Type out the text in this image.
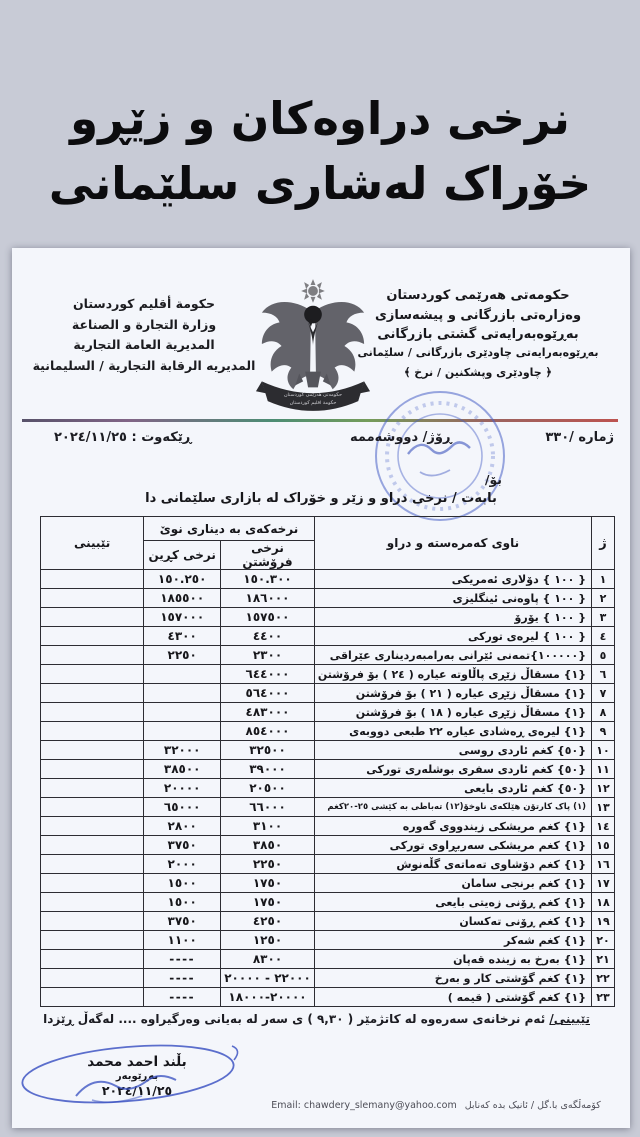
نرخی دراوەکان و زێڕو
خۆراک لەشاری سلێمانی
حكومة أقليم كوردستان
وزارة التجارة و الصناعة
المديرية العامة التجارية
المديريه الرقابة التجارية / السليمانية
حکومەتی هەرێمی کوردستان
وەزارەتی بازرگانی و پیشەسازی
بەڕێوەبەرایەتی گشتی بازرگانی
بەڕێوەبەرایەتی چاودێری بازرگانی / سلێمانی
﴿ چاودێری وپشکنین / نرخ ﴾
حكومەتی هەرێمی كوردستان
حكومة اقليم كوردستان
ژمارە /٣٣٠
ڕۆژ/ دووشەممە
ڕێکەوت : ٢٠٢٤/١١/٢٥
بۆ/
بابەت / نرخی دراو و زێر و خۆراک لە بازاری سلێمانی دا
ژ	ناوی کەمرەستە و دراو	نرخەکەی بە دیناری نوێ		تێبینی
		نرخی فرۆشتن	نرخی کڕین	
١	{ ١٠٠ } دۆلاری ئەمریکی	١٥٠.٣٠٠	١٥٠.٢٥٠	
٢	{ ١٠٠ } پاوەنی ئینگلیزی	١٨٦٠٠٠	١٨٥٥٠٠	
٣	{ ١٠٠ } یۆرۆ	١٥٧٥٠٠	١٥٧٠٠٠	
٤	{ ١٠٠ } لیرەی تورکی	٤٤٠٠	٤٣٠٠	
٥	{١٠٠٠٠٠}تمەنی ئێرانی بەرامبەردیناری عێراقی	٢٣٠٠	٢٢٥٠	
٦	{١} مسقاڵ زێڕی پاڵاوتە عیارە ( ٢٤ ) بۆ فرۆشتن	٦٤٤٠٠٠		
٧	{١} مسقاڵ زێڕی عیارە ( ٢١ ) بۆ فرۆشتن	٥٦٤٠٠٠		
٨	{١} مسقاڵ زێڕی عیارە ( ١٨ ) بۆ فرۆشتن	٤٨٣٠٠٠		
٩	{١} لیرەی ڕەشادی عیارە ٢٢ طبعی دووبەی	٨٥٤٠٠٠		
١٠	{٥٠} کغم ئاردی روسی	٣٢٥٠٠	٣٢٠٠٠	
١١	{٥٠} کغم ئاردی سفری بوشلەری تورکی	٣٩٠٠٠	٣٨٥٠٠	
١٢	{٥٠} کغم ئاردی بایعی	٢٠٥٠٠	٢٠٠٠٠	
١٣	(١) پاک کارتۆن هێلکەی ناوخۆ(١٢) تەباطی بە کێشی ٢٥-٢٠کغم	٦٦٠٠٠	٦٥٠٠٠	
١٤	{١} کغم مریشکی زیندووی گەورە	٣١٠٠	٢٨٠٠	
١٥	{١} کغم مریشکی سەربڕاوی تورکی	٣٨٥٠	٣٧٥٠	
١٦	{١} کغم دۆشاوی تەماتەی گڵەنوش	٢٢٥٠	٢٠٠٠	
١٧	{١} کغم برنجی سامان	١٧٥٠	١٥٠٠	
١٨	{١} کغم ڕۆنی زەیتی بایعی	١٧٥٠	١٥٠٠	
١٩	{١} کغم ڕۆنی تەکسان	٤٢٥٠	٣٧٥٠	
٢٠	{١} کغم شەکر	١٢٥٠	١١٠٠	
٢١	{١} بەرخ بە زیندە قەپان	٨٣٠٠	----	
٢٢	{١} کغم گۆشتی کار و بەرخ	٢٢٠٠٠ - ٢٠٠٠٠	----	
٢٣	{١} کغم گۆشتی ( قیمە )	٢٠٠٠٠-١٨٠٠٠	----	
تێبینی/ ئەم نرخانەی سەرەوە لە کاتژمێر ( ٩,٣٠ ) ی سەر لە بەیانی وەرگیراوە .... لەگەڵ ڕێزدا
بڵند احمد محمد
بەڕێوبەر
٢٠٢٤/١١/٢٥
كۆمەڵگەی با.گل / ئانیک بدە كەنابل
Email: chawdery_slemany@yahoo.com
